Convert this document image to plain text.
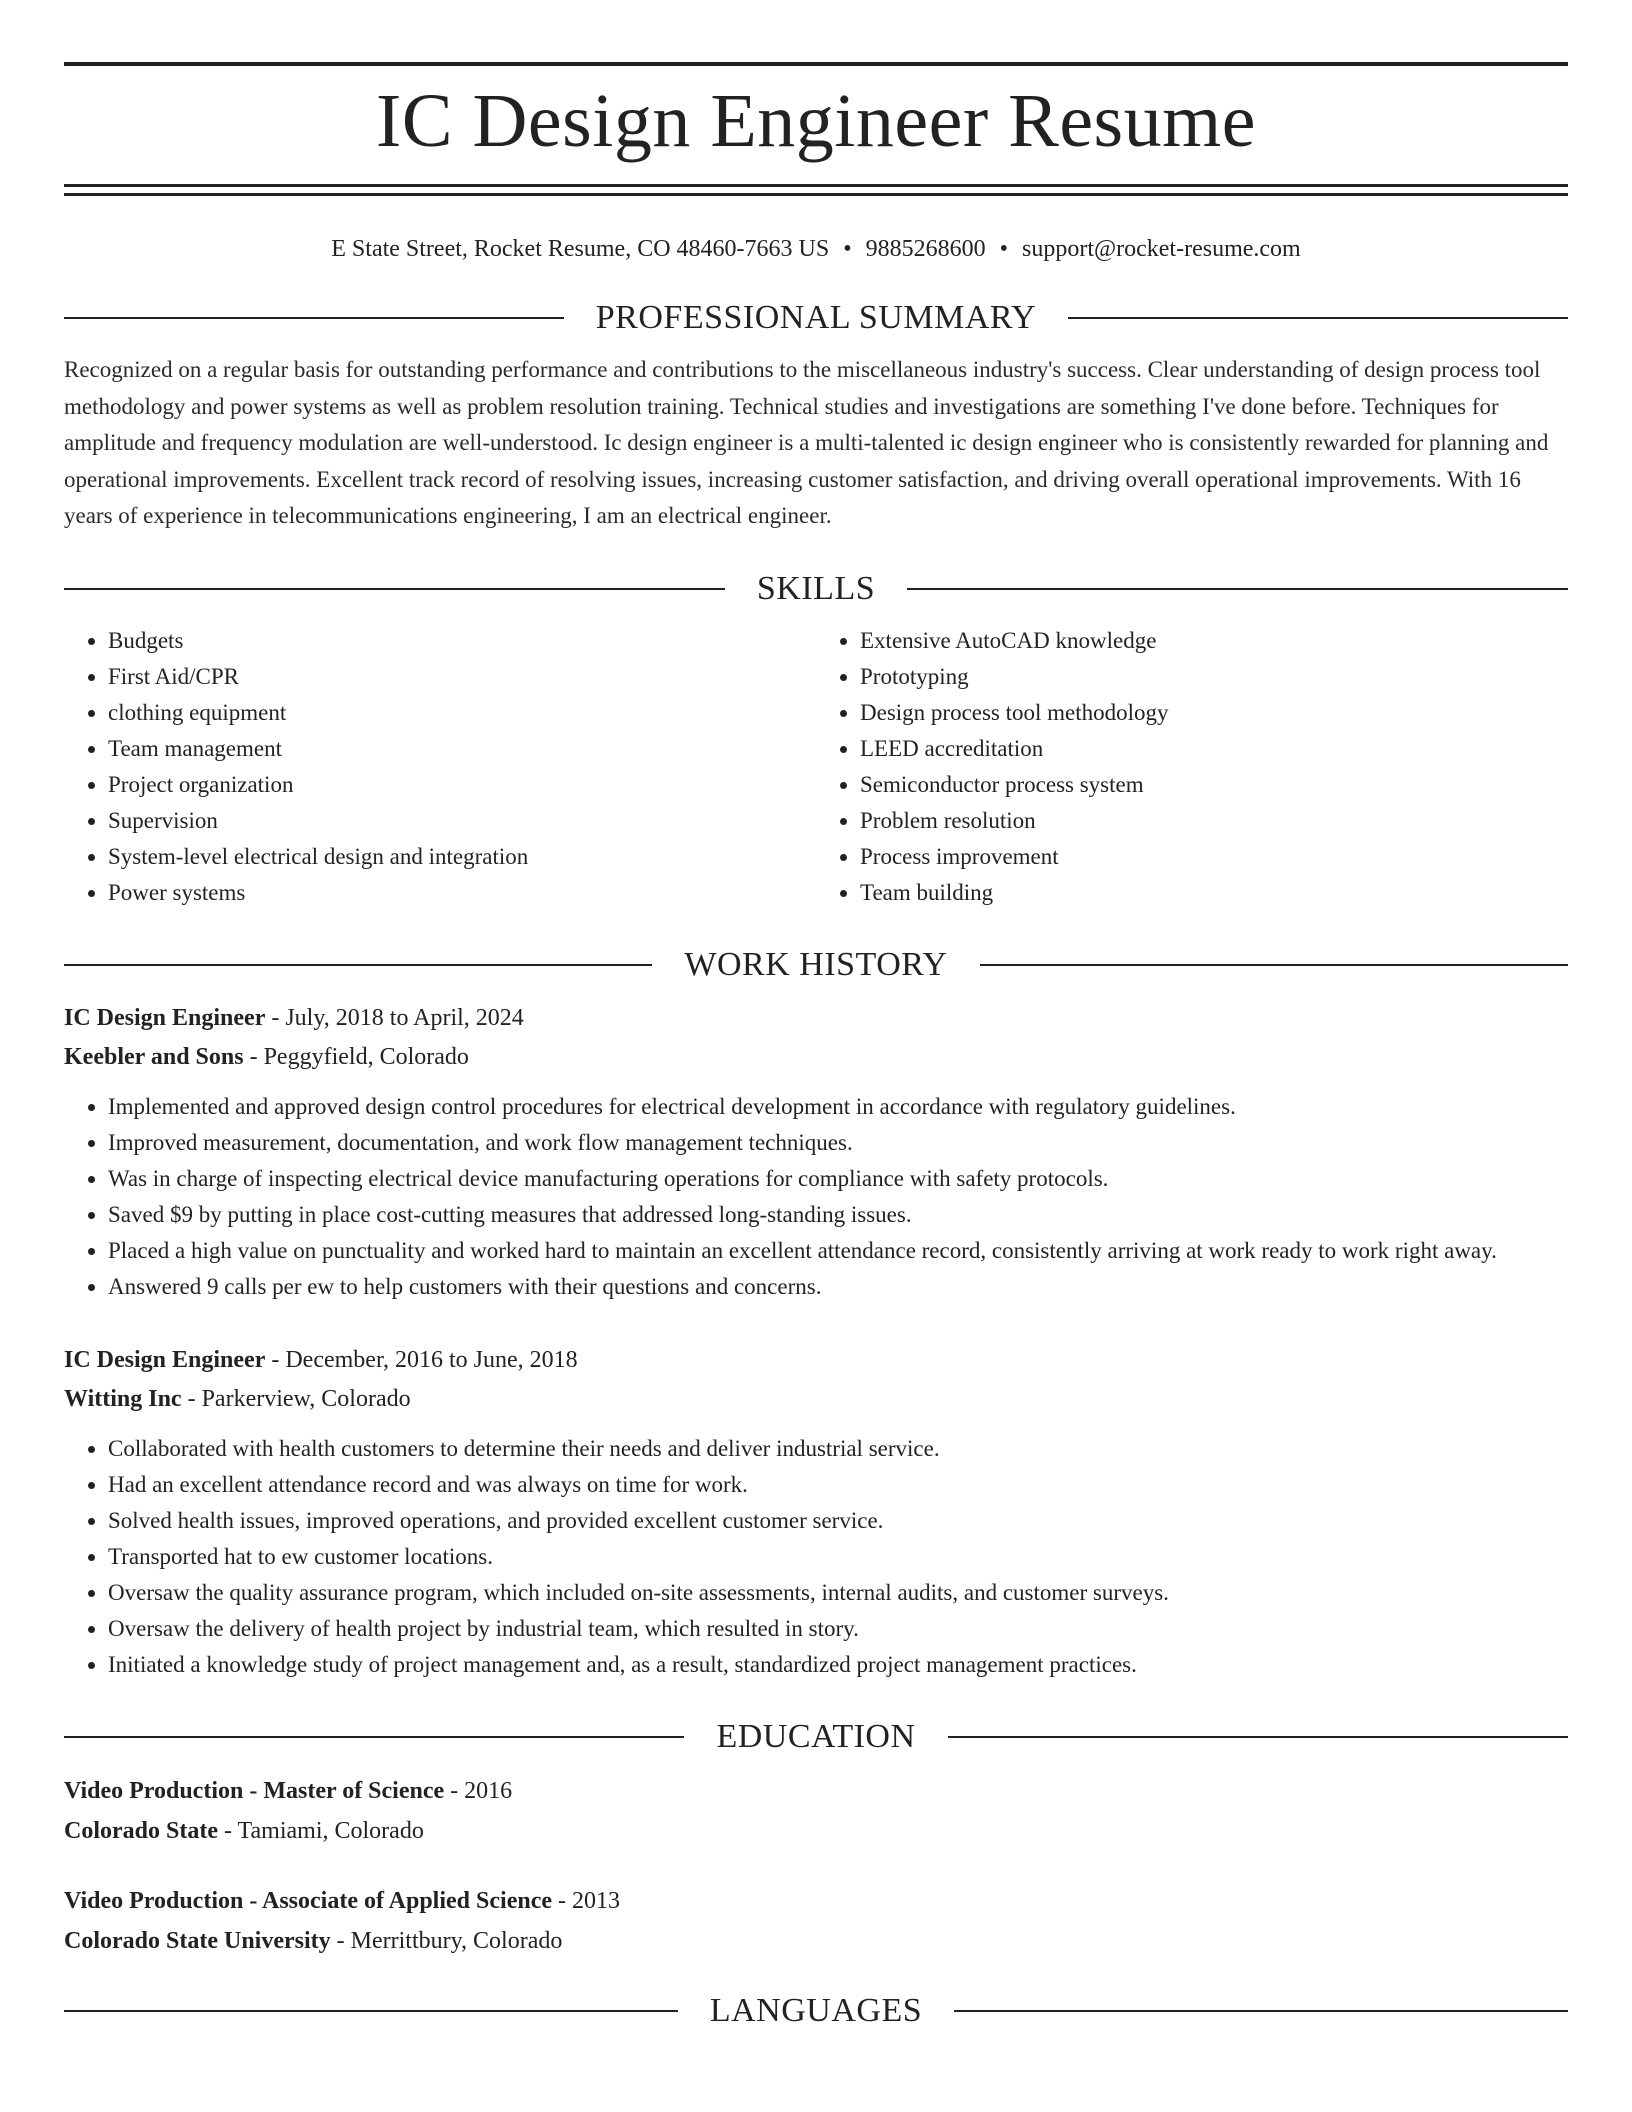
IC Design Engineer Resume
E State Street, Rocket Resume, CO 48460-7663 US • 9885268600 • support@rocket-resume.com
PROFESSIONAL SUMMARY

Recognized on a regular basis for outstanding performance and contributions to the miscellaneous industry's success. Clear understanding of design process tool methodology and power systems as well as problem resolution training. Technical studies and investigations are something I've done before. Techniques for amplitude and frequency modulation are well-understood. Ic design engineer is a multi-talented ic design engineer who is consistently rewarded for planning and operational improvements. Excellent track record of resolving issues, increasing customer satisfaction, and driving overall operational improvements. With 16 years of experience in telecommunications engineering, I am an electrical engineer.

SKILLS
• Budgets
• First Aid/CPR
• clothing equipment
• Team management
• Project organization
• Supervision
• System-level electrical design and integration
• Power systems
• Extensive AutoCAD knowledge
• Prototyping
• Design process tool methodology
• LEED accreditation
• Semiconductor process system
• Problem resolution
• Process improvement
• Team building
WORK HISTORY
IC Design Engineer - July, 2018 to April, 2024
Keebler and Sons - Peggyfield, Colorado
• Implemented and approved design control procedures for electrical development in accordance with regulatory guidelines.
• Improved measurement, documentation, and work flow management techniques.
• Was in charge of inspecting electrical device manufacturing operations for compliance with safety protocols.
• Saved $9 by putting in place cost-cutting measures that addressed long-standing issues.
• Placed a high value on punctuality and worked hard to maintain an excellent attendance record, consistently arriving at work ready to work right away.
• Answered 9 calls per ew to help customers with their questions and concerns.
IC Design Engineer - December, 2016 to June, 2018
Witting Inc - Parkerview, Colorado
• Collaborated with health customers to determine their needs and deliver industrial service.
• Had an excellent attendance record and was always on time for work.
• Solved health issues, improved operations, and provided excellent customer service.
• Transported hat to ew customer locations.
• Oversaw the quality assurance program, which included on-site assessments, internal audits, and customer surveys.
• Oversaw the delivery of health project by industrial team, which resulted in story.
• Initiated a knowledge study of project management and, as a result, standardized project management practices.
EDUCATION
Video Production - Master of Science - 2016
Colorado State - Tamiami, Colorado
Video Production - Associate of Applied Science - 2013
Colorado State University - Merrittbury, Colorado
LANGUAGES
